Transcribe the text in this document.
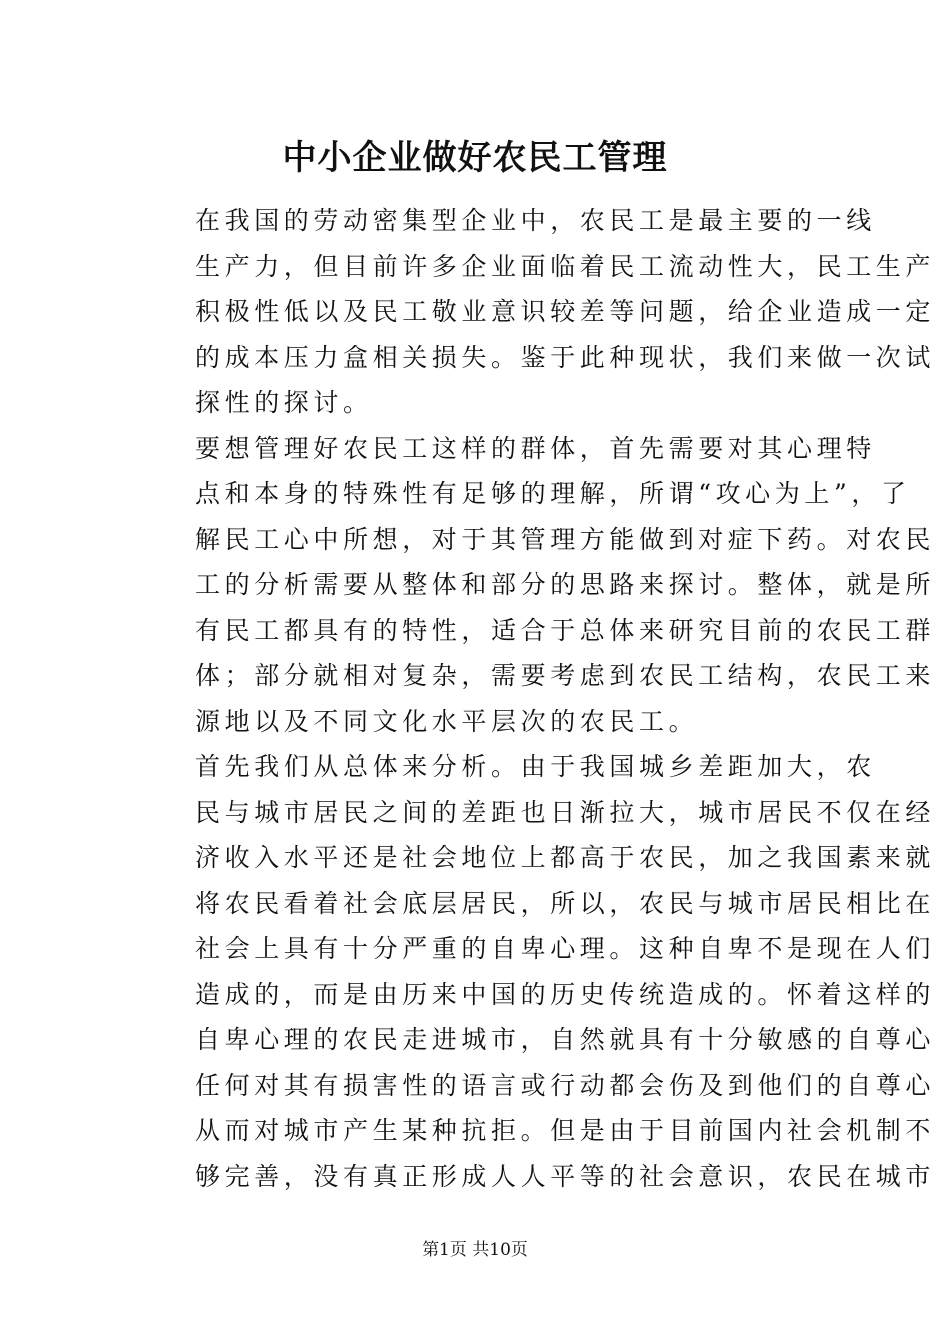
中小企业做好农民工管理

在我国的劳动密集型企业中，农民工是最主要的一线
生产力，但目前许多企业面临着民工流动性大，民工生产
积极性低以及民工敬业意识较差等问题，给企业造成一定
的成本压力盒相关损失。鉴于此种现状，我们来做一次试
探性的探讨。

要想管理好农民工这样的群体，首先需要对其心理特
点和本身的特殊性有足够的理解，所谓“攻心为上”，了
解民工心中所想，对于其管理方能做到对症下药。对农民
工的分析需要从整体和部分的思路来探讨。整体，就是所
有民工都具有的特性，适合于总体来研究目前的农民工群
体；部分就相对复杂，需要考虑到农民工结构，农民工来
源地以及不同文化水平层次的农民工。

首先我们从总体来分析。由于我国城乡差距加大，农
民与城市居民之间的差距也日渐拉大，城市居民不仅在经
济收入水平还是社会地位上都高于农民，加之我国素来就
将农民看着社会底层居民，所以，农民与城市居民相比在
社会上具有十分严重的自卑心理。这种自卑不是现在人们
造成的，而是由历来中国的历史传统造成的。怀着这样的
自卑心理的农民走进城市，自然就具有十分敏感的自尊心
任何对其有损害性的语言或行动都会伤及到他们的自尊心
从而对城市产生某种抗拒。但是由于目前国内社会机制不
够完善，没有真正形成人人平等的社会意识，农民在城市

第1页 共10页
